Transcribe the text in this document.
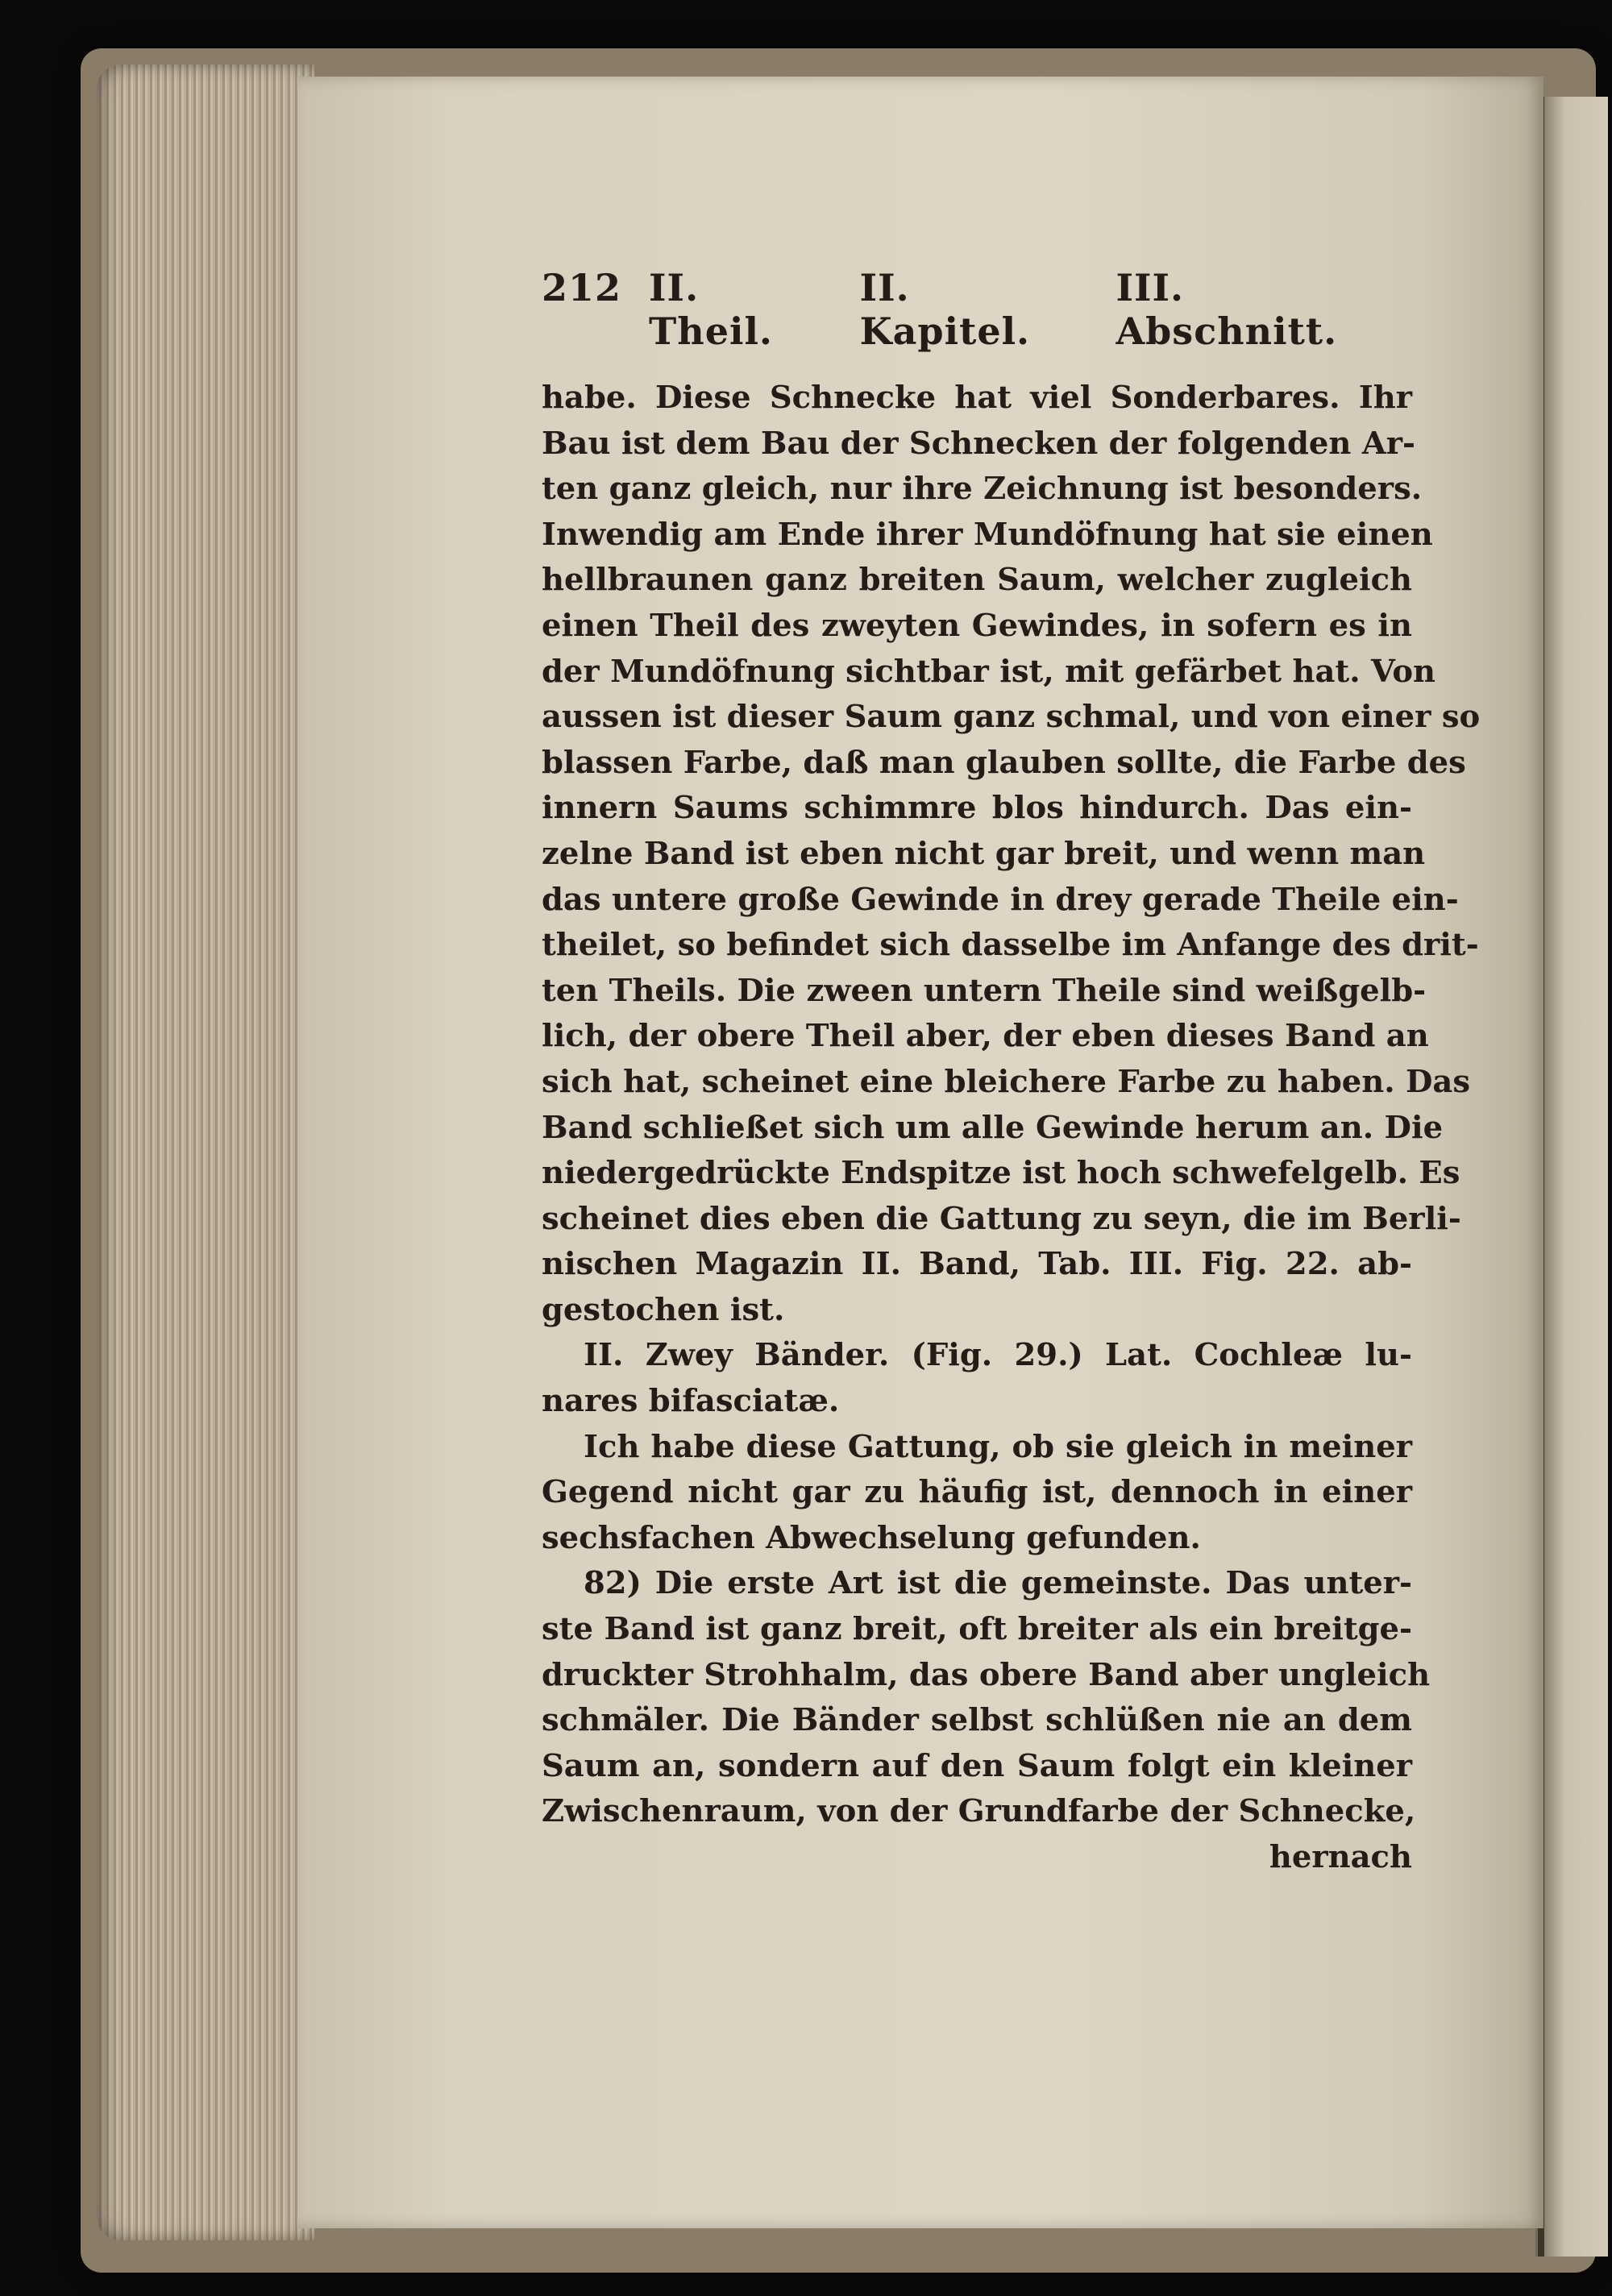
212 II. Theil.
II. Kapitel.
III. Abschnitt.
habe. Diese Schnecke hat viel Sonderbares. Ihr
Bau ist dem Bau der Schnecken der folgenden Ar-
ten ganz gleich, nur ihre Zeichnung ist besonders.
Inwendig am Ende ihrer Mundöfnung hat sie einen
hellbraunen ganz breiten Saum, welcher zugleich
einen Theil des zweyten Gewindes, in sofern es in
der Mundöfnung sichtbar ist, mit gefärbet hat. Von
aussen ist dieser Saum ganz schmal, und von einer so
blassen Farbe, daß man glauben sollte, die Farbe des
innern Saums schimmre blos hindurch. Das ein-
zelne Band ist eben nicht gar breit, und wenn man
das untere große Gewinde in drey gerade Theile ein-
theilet, so befindet sich dasselbe im Anfange des drit-
ten Theils. Die zween untern Theile sind weißgelb-
lich, der obere Theil aber, der eben dieses Band an
sich hat, scheinet eine bleichere Farbe zu haben. Das
Band schließet sich um alle Gewinde herum an. Die
niedergedrückte Endspitze ist hoch schwefelgelb. Es
scheinet dies eben die Gattung zu seyn, die im Berli-
nischen Magazin II. Band, Tab. III. Fig. 22. ab-
gestochen ist.
II. Zwey Bänder. (Fig. 29.) Lat. Cochleæ lu-
nares bifasciatæ.
Ich habe diese Gattung, ob sie gleich in meiner
Gegend nicht gar zu häufig ist, dennoch in einer
sechsfachen Abwechselung gefunden.
82) Die erste Art ist die gemeinste. Das unter-
ste Band ist ganz breit, oft breiter als ein breitge-
druckter Strohhalm, das obere Band aber ungleich
schmäler. Die Bänder selbst schlüßen nie an dem
Saum an, sondern auf den Saum folgt ein kleiner
Zwischenraum, von der Grundfarbe der Schnecke,
hernach
